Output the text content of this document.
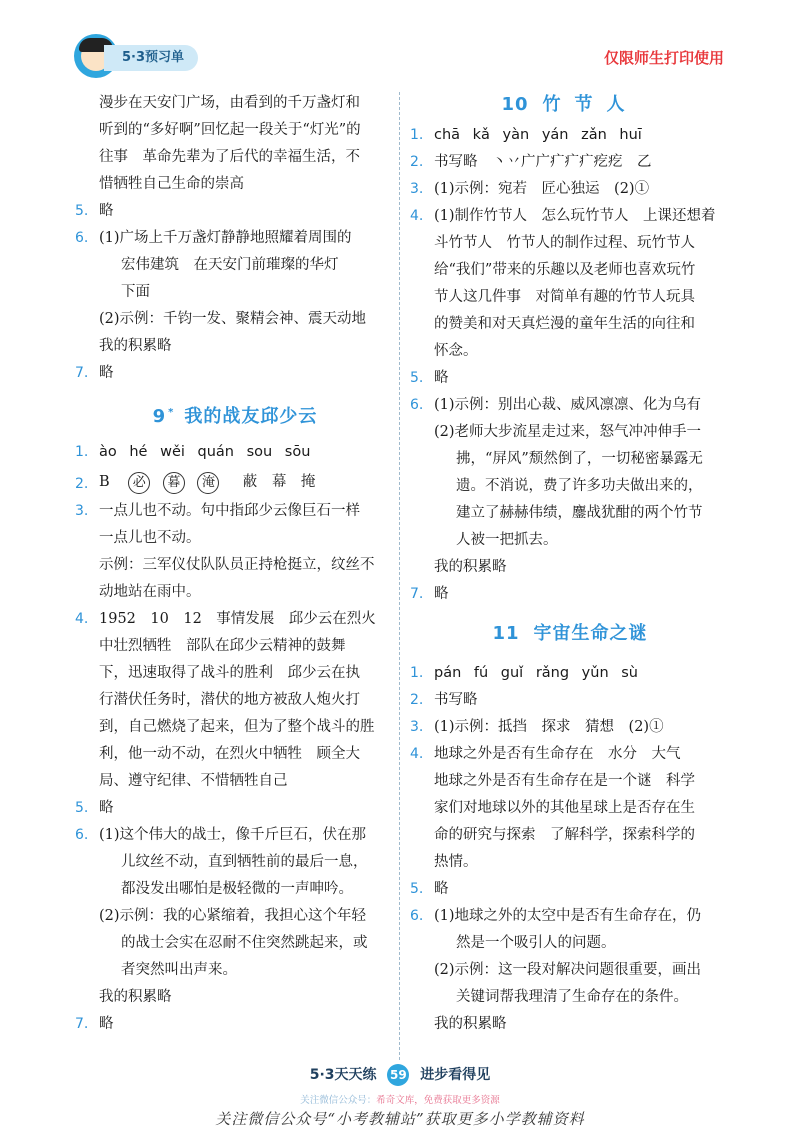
5·3预习单	仅限师生打印使用
漫步在天安门广场，由看到的千万盏灯和
听到的“多好啊”回忆起一段关于“灯光”的
往事　革命先辈为了后代的幸福生活，不
惜牺牲自己生命的崇高
5. 略
6. (1)广场上千万盏灯静静地照耀着周围的
宏伟建筑　在天安门前璀璨的华灯
下面
(2)示例：千钧一发、聚精会神、震天动地
我的积累略
7. 略
9 * 我的战友邱少云
1. ào hé wěi quán sou sōu
2. B 必 暮 淹 蔽 幕 掩
3. 一点儿也不动。句中指邱少云像巨石一样
一点儿也不动。
示例：三军仪仗队队员正持枪挺立，纹丝不
动地站在雨中。
4. 1952　10　12　事情发展　邱少云在烈火
中壮烈牺牲　部队在邱少云精神的鼓舞
下，迅速取得了战斗的胜利　邱少云在执
行潜伏任务时，潜伏的地方被敌人炮火打
到，自己燃烧了起来，但为了整个战斗的胜
利，他一动不动，在烈火中牺牲　顾全大
局、遵守纪律、不惜牺牲自己
5. 略
6. (1)这个伟大的战士，像千斤巨石，伏在那
儿纹丝不动，直到牺牲前的最后一息，
都没发出哪怕是极轻微的一声呻吟。
(2)示例：我的心紧缩着，我担心这个年轻
的战士会实在忍耐不住突然跳起来，或
者突然叫出声来。
我的积累略
7. 略
10 竹节人
1. chā kǎ yàn yán zǎn huī
2. 书写略　丶丷广广疒疒疒疙疙　乙
3. (1)示例：宛若　匠心独运　(2)①
4. (1)制作竹节人　怎么玩竹节人　上课还想着
斗竹节人　竹节人的制作过程、玩竹节人
给“我们”带来的乐趣以及老师也喜欢玩竹
节人这几件事　对简单有趣的竹节人玩具
的赞美和对天真烂漫的童年生活的向往和
怀念。
5. 略
6. (1)示例：别出心裁、威风凛凛、化为乌有
(2)老师大步流星走过来，怒气冲冲伸手一
拂，“屏风”颓然倒了，一切秘密暴露无
遗。不消说，费了许多功夫做出来的，
建立了赫赫伟绩，鏖战犹酣的两个竹节
人被一把抓去。
我的积累略
7. 略
11 宇宙生命之谜
1. pán fú guǐ rǎng yǔn sù
2. 书写略
3. (1)示例：抵挡　探求　猜想　(2)①
4. 地球之外是否有生命存在　水分　大气
地球之外是否有生命存在是一个谜　科学
家们对地球以外的其他星球上是否存在生
命的研究与探索　了解科学，探索科学的
热情。
5. 略
6. (1)地球之外的太空中是否有生命存在，仍
然是一个吸引人的问题。
(2)示例：这一段对解决问题很重要，画出
关键词帮我理清了生命存在的条件。
我的积累略
5·3天天练 59 进步看得见
关注微信公众号：希奇文库，免费获取更多资源
关注微信公众号“小考教辅站”获取更多小学教辅资料
